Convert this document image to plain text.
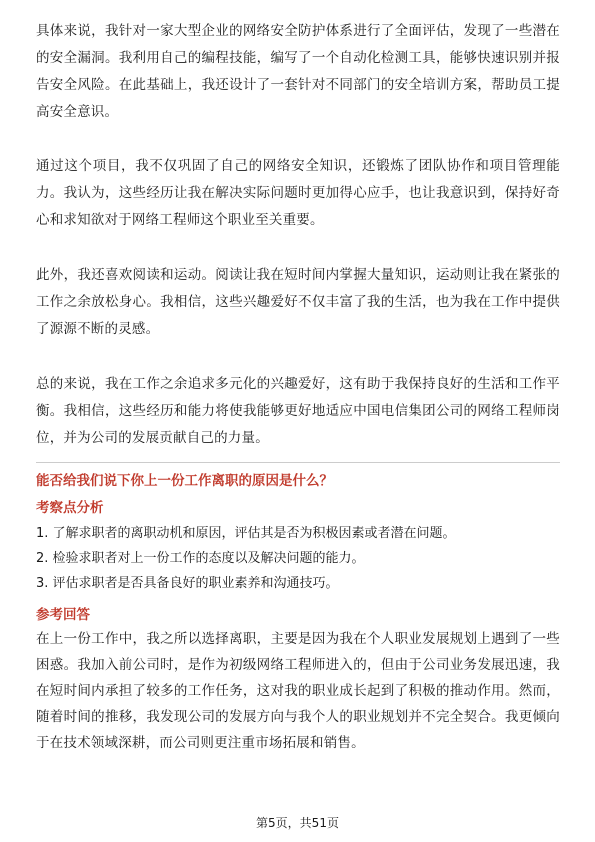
具体来说，我针对一家大型企业的网络安全防护体系进行了全面评估，发现了一些潜在的安全漏洞。我利用自己的编程技能，编写了一个自动化检测工具，能够快速识别并报告安全风险。在此基础上，我还设计了一套针对不同部门的安全培训方案，帮助员工提高安全意识。

通过这个项目，我不仅巩固了自己的网络安全知识，还锻炼了团队协作和项目管理能力。我认为，这些经历让我在解决实际问题时更加得心应手，也让我意识到，保持好奇心和求知欲对于网络工程师这个职业至关重要。

此外，我还喜欢阅读和运动。阅读让我在短时间内掌握大量知识，运动则让我在紧张的工作之余放松身心。我相信，这些兴趣爱好不仅丰富了我的生活，也为我在工作中提供了源源不断的灵感。

总的来说，我在工作之余追求多元化的兴趣爱好，这有助于我保持良好的生活和工作平衡。我相信，这些经历和能力将使我能够更好地适应中国电信集团公司的网络工程师岗位，并为公司的发展贡献自己的力量。

能否给我们说下你上一份工作离职的原因是什么？

考察点分析

1. 了解求职者的离职动机和原因，评估其是否为积极因素或者潜在问题。
2. 检验求职者对上一份工作的态度以及解决问题的能力。
3. 评估求职者是否具备良好的职业素养和沟通技巧。

参考回答

在上一份工作中，我之所以选择离职，主要是因为我在个人职业发展规划上遇到了一些困惑。我加入前公司时，是作为初级网络工程师进入的，但由于公司业务发展迅速，我在短时间内承担了较多的工作任务，这对我的职业成长起到了积极的推动作用。然而，随着时间的推移，我发现公司的发展方向与我个人的职业规划并不完全契合。我更倾向于在技术领域深耕，而公司则更注重市场拓展和销售。

第5页，共51页
